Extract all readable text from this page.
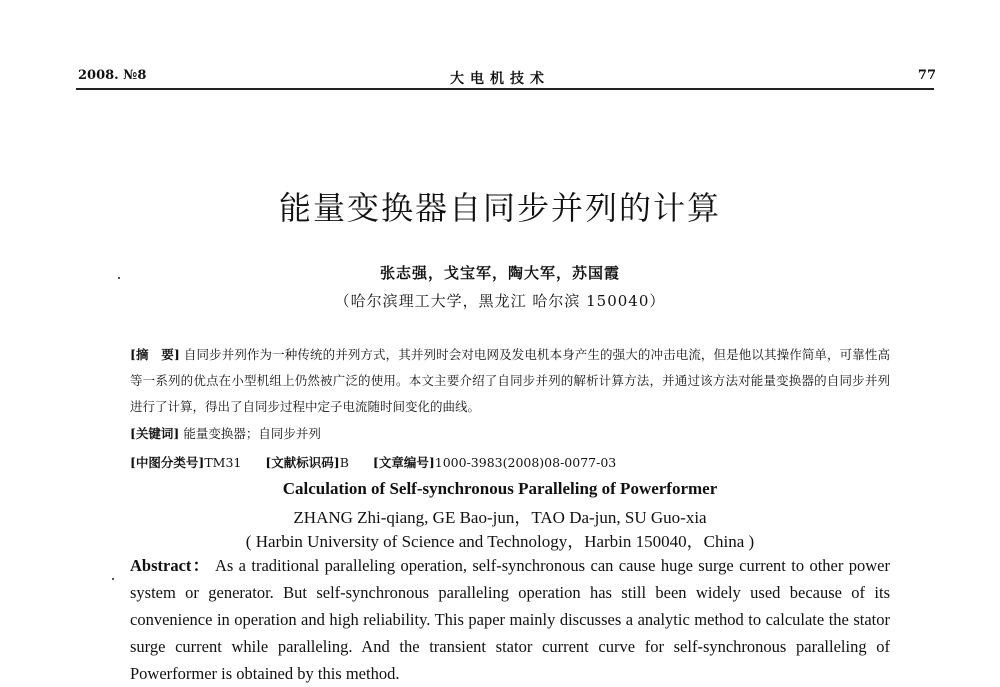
2008. №8	大电机技术	77
能量变换器自同步并列的计算
张志强，戈宝军，陶大军，苏国霞
（哈尔滨理工大学，黑龙江 哈尔滨 150040）
[摘　要] 自同步并列作为一种传统的并列方式，其并列时会对电网及发电机本身产生的强大的冲击电流，但是他以其操作简单，可靠性高等一系列的优点在小型机组上仍然被广泛的使用。本文主要介绍了自同步并列的解析计算方法，并通过该方法对能量变换器的自同步并列进行了计算，得出了自同步过程中定子电流随时间变化的曲线。
[关键词] 能量变换器；自同步并列
[中图分类号]TM31 [文献标识码]B [文章编号]1000-3983(2008)08-0077-03
Calculation of Self-synchronous Paralleling of Powerformer
ZHANG Zhi-qiang, GE Bao-jun，TAO Da-jun, SU Guo-xia
( Harbin University of Science and Technology，Harbin 150040，China )
Abstract： As a traditional paralleling operation, self-synchronous can cause huge surge current to other power system or generator. But self-synchronous paralleling operation has still been widely used because of its convenience in operation and high reliability. This paper mainly discusses a analytic method to calculate the stator surge current while paralleling. And the transient stator current curve for self-synchronous paralleling of Powerformer is obtained by this method.
